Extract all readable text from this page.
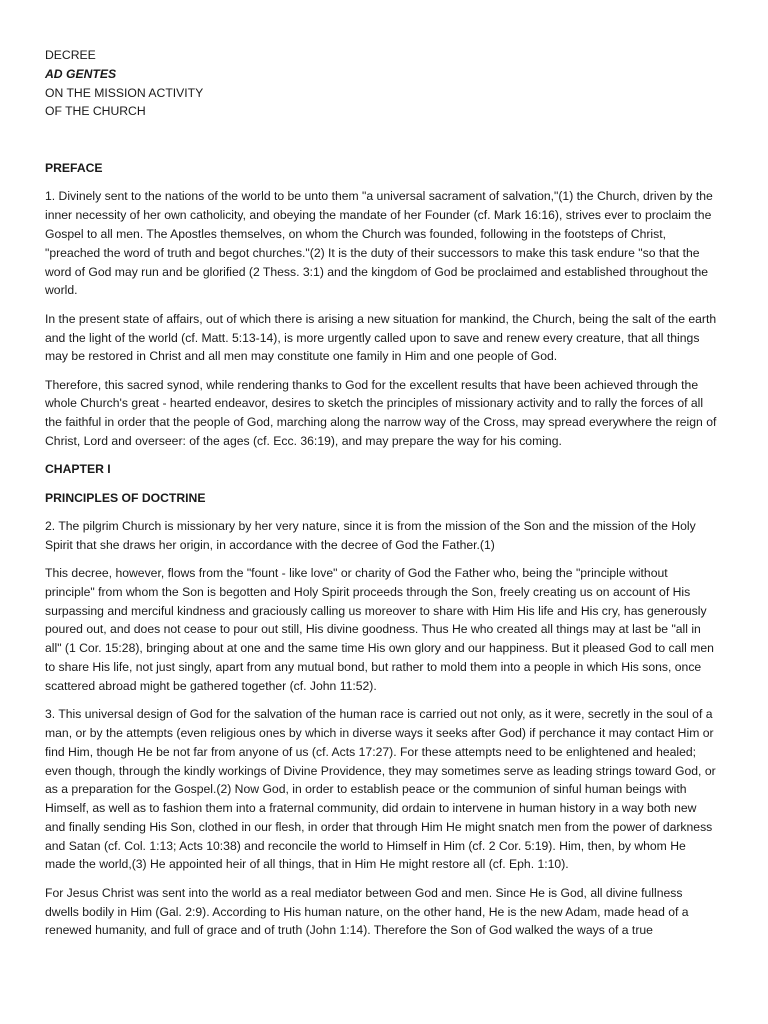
DECREE
AD GENTES
ON THE MISSION ACTIVITY
OF THE CHURCH
PREFACE

1. Divinely sent to the nations of the world to be unto them "a universal sacrament of salvation,"(1) the Church, driven by the inner necessity of her own catholicity, and obeying the mandate of her Founder (cf. Mark 16:16), strives ever to proclaim the Gospel to all men. The Apostles themselves, on whom the Church was founded, following in the footsteps of Christ, "preached the word of truth and begot churches."(2) It is the duty of their successors to make this task endure "so that the word of God may run and be glorified (2 Thess. 3:1) and the kingdom of God be proclaimed and established throughout the world.

In the present state of affairs, out of which there is arising a new situation for mankind, the Church, being the salt of the earth and the light of the world (cf. Matt. 5:13-14), is more urgently called upon to save and renew every creature, that all things may be restored in Christ and all men may constitute one family in Him and one people of God.

Therefore, this sacred synod, while rendering thanks to God for the excellent results that have been achieved through the whole Church's great - hearted endeavor, desires to sketch the principles of missionary activity and to rally the forces of all the faithful in order that the people of God, marching along the narrow way of the Cross, may spread everywhere the reign of Christ, Lord and overseer: of the ages (cf. Ecc. 36:19), and may prepare the way for his coming.

CHAPTER I
PRINCIPLES OF DOCTRINE

2. The pilgrim Church is missionary by her very nature, since it is from the mission of the Son and the mission of the Holy Spirit that she draws her origin, in accordance with the decree of God the Father.(1)

This decree, however, flows from the "fount - like love" or charity of God the Father who, being the "principle without principle" from whom the Son is begotten and Holy Spirit proceeds through the Son, freely creating us on account of His surpassing and merciful kindness and graciously calling us moreover to share with Him His life and His cry, has generously poured out, and does not cease to pour out still, His divine goodness. Thus He who created all things may at last be "all in all" (1 Cor. 15:28), bringing about at one and the same time His own glory and our happiness. But it pleased God to call men to share His life, not just singly, apart from any mutual bond, but rather to mold them into a people in which His sons, once scattered abroad might be gathered together (cf. John 11:52).

3. This universal design of God for the salvation of the human race is carried out not only, as it were, secretly in the soul of a man, or by the attempts (even religious ones by which in diverse ways it seeks after God) if perchance it may contact Him or find Him, though He be not far from anyone of us (cf. Acts 17:27). For these attempts need to be enlightened and healed; even though, through the kindly workings of Divine Providence, they may sometimes serve as leading strings toward God, or as a preparation for the Gospel.(2) Now God, in order to establish peace or the communion of sinful human beings with Himself, as well as to fashion them into a fraternal community, did ordain to intervene in human history in a way both new and finally sending His Son, clothed in our flesh, in order that through Him He might snatch men from the power of darkness and Satan (cf. Col. 1:13; Acts 10:38) and reconcile the world to Himself in Him (cf. 2 Cor. 5:19). Him, then, by whom He made the world,(3) He appointed heir of all things, that in Him He might restore all (cf. Eph. 1:10).

For Jesus Christ was sent into the world as a real mediator between God and men. Since He is God, all divine fullness dwells bodily in Him (Gal. 2:9). According to His human nature, on the other hand, He is the new Adam, made head of a renewed humanity, and full of grace and of truth (John 1:14). Therefore the Son of God walked the ways of a true
